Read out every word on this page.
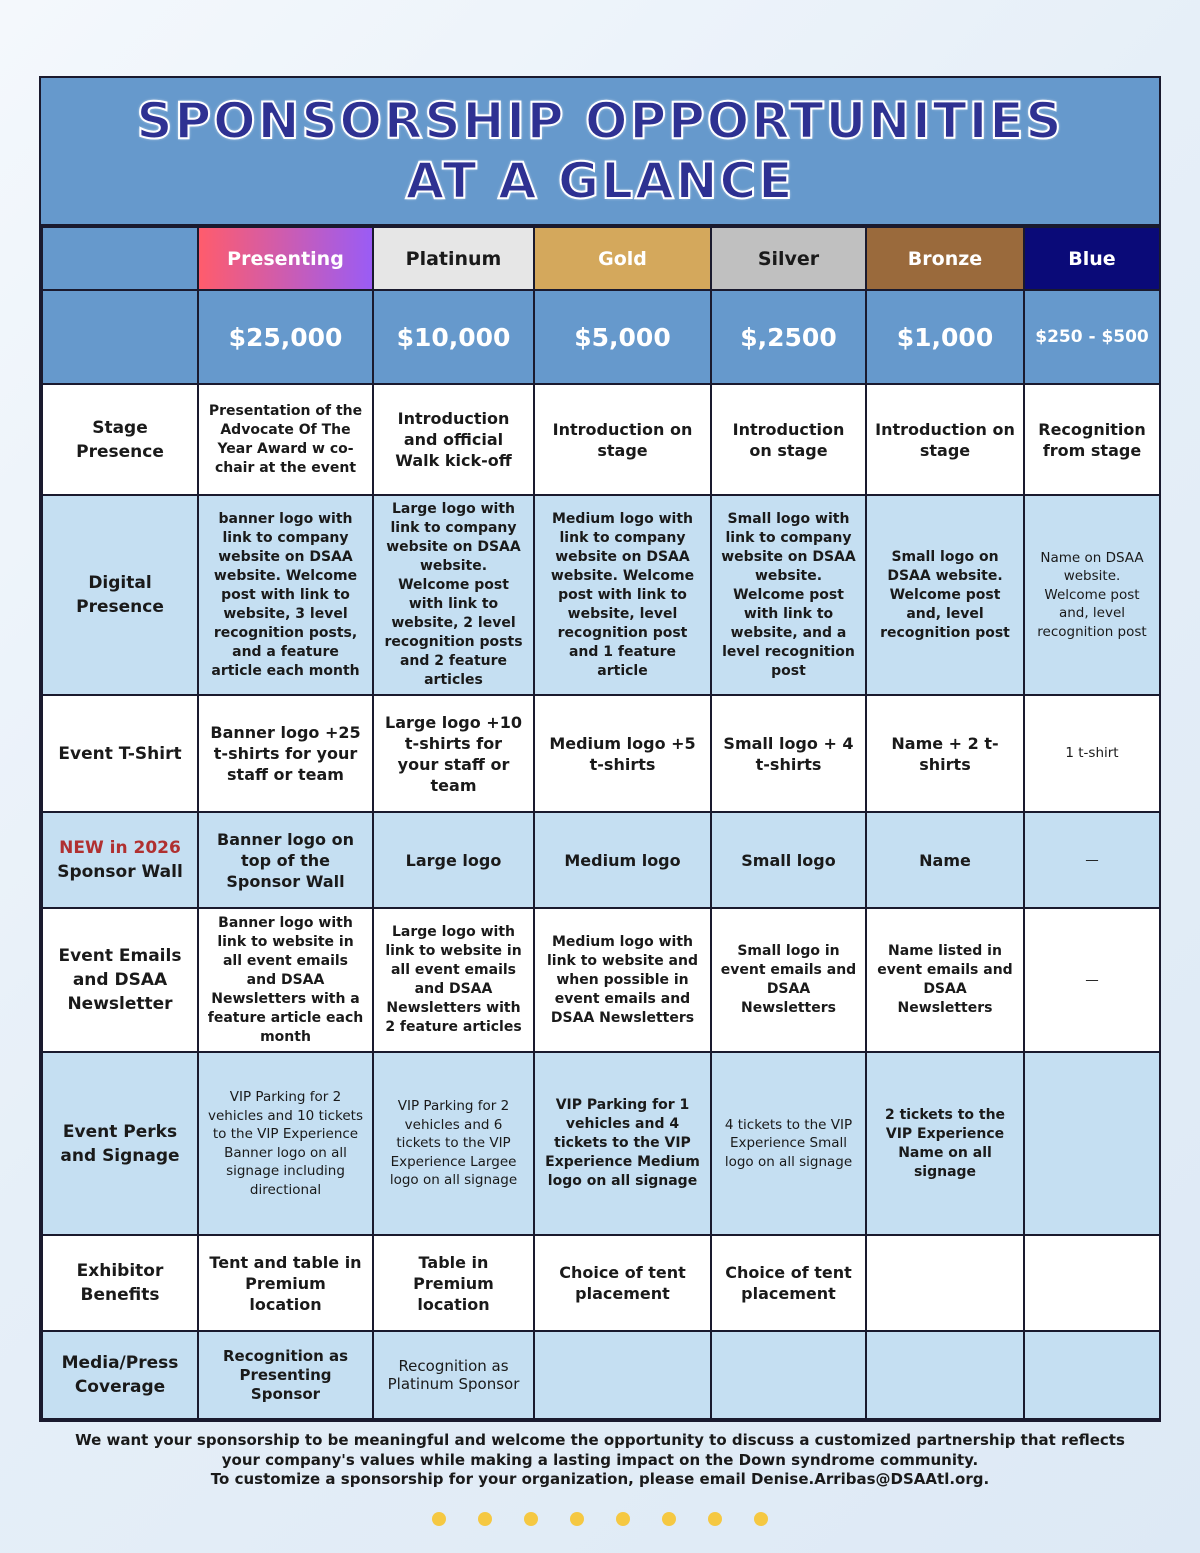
SPONSORSHIP OPPORTUNITIES
AT A GLANCE
	Presenting	Platinum	Gold	Silver	Bronze	Blue
	$25,000	$10,000	$5,000	$,2500	$1,000	$250 - $500
Stage Presence	Presentation of the Advocate Of The Year Award w co-chair at the event	Introduction and official Walk kick-off	Introduction on stage	Introduction on stage	Introduction on stage	Recognition from stage
Digital Presence	banner logo with link to company website on DSAA website. Welcome post with link to website, 3 level recognition posts, and a feature article each month	Large logo with link to company website on DSAA website. Welcome post with link to website, 2 level recognition posts and 2 feature articles	Medium logo with link to company website on DSAA website. Welcome post with link to website, level recognition post and 1 feature article	Small logo with link to company website on DSAA website. Welcome post with link to website, and a level recognition post	Small logo on DSAA website. Welcome post and, level recognition post	Name on DSAA website. Welcome post and, level recognition post
Event T-Shirt	Banner logo +25 t-shirts for your staff or team	Large logo +10 t-shirts for your staff or team	Medium logo +5 t-shirts	Small logo + 4 t-shirts	Name + 2 t-shirts	1 t-shirt
NEW in 2026
Sponsor Wall	Banner logo on top of the Sponsor Wall	Large logo	Medium logo	Small logo	Name	—
Event Emails and DSAA Newsletter	Banner logo with link to website in all event emails and DSAA Newsletters with a feature article each month	Large logo with link to website in all event emails and DSAA Newsletters with 2 feature articles	Medium logo with link to website and when possible in event emails and DSAA Newsletters	Small logo in event emails and DSAA Newsletters	Name listed in event emails and DSAA Newsletters	—
Event Perks and Signage	VIP Parking for 2 vehicles and 10 tickets to the VIP Experience Banner logo on all signage including directional	VIP Parking for 2 vehicles and 6 tickets to the VIP Experience Largee logo on all signage	VIP Parking for 1 vehicles and 4 tickets to the VIP Experience Medium logo on all signage	4 tickets to the VIP Experience Small logo on all signage	2 tickets to the VIP Experience Name on all signage	
Exhibitor Benefits	Tent and table in Premium location	Table in Premium location	Choice of tent placement	Choice of tent placement		
Media/Press Coverage	Recognition as Presenting Sponsor	Recognition as Platinum Sponsor				
We want your sponsorship to be meaningful and welcome the opportunity to discuss a customized partnership that reflects your company's values while making a lasting impact on the Down syndrome community.
To customize a sponsorship for your organization, please email Denise.Arribas@DSAAtl.org.
